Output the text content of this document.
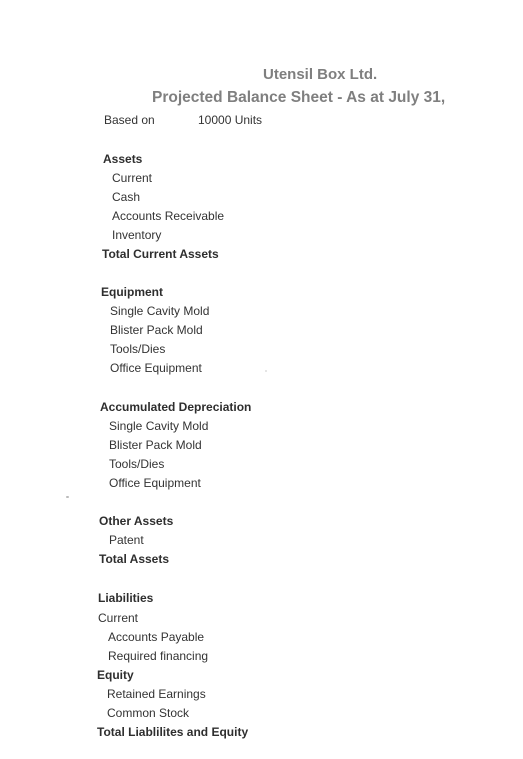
Utensil Box Ltd.
Projected Balance Sheet - As at July 31,
Based on	10000 Units
Assets
Current
Cash
Accounts Receivable
Inventory
Total Current Assets
Equipment
Single Cavity Mold
Blister Pack Mold
Tools/Dies
Office Equipment
Accumulated Depreciation
Single Cavity Mold
Blister Pack Mold
Tools/Dies
Office Equipment
Other Assets
Patent
Total Assets
Liabilities
Current
Accounts Payable
Required financing
Equity
Retained Earnings
Common Stock
Total Liablilites and Equity
